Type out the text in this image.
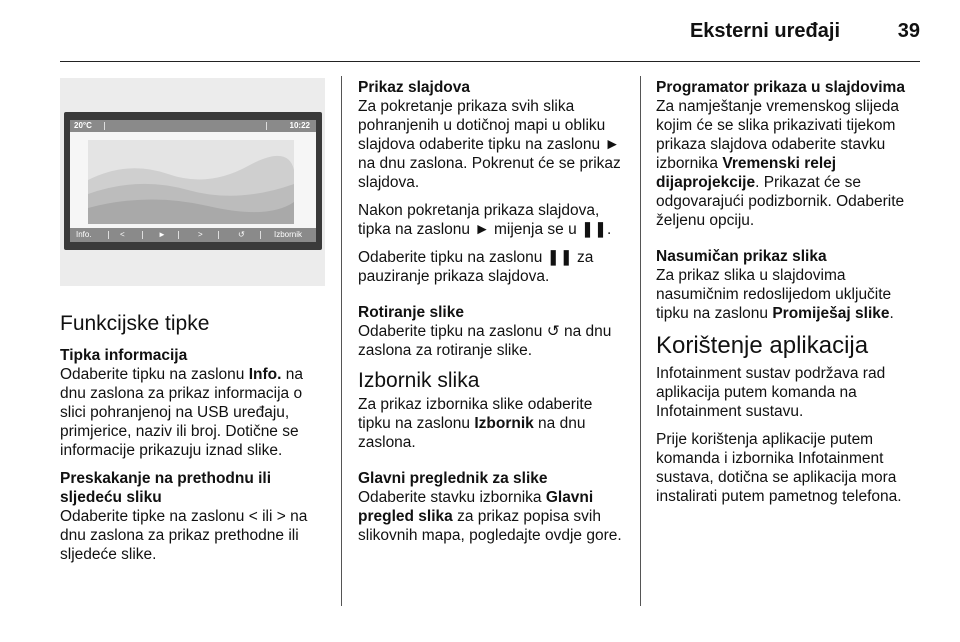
Eksterni uređaji	39
20°C	10:22
Info.	<	►	>	↺	Izbornik
Funkcijske tipke
Tipka informacija

Odaberite tipku na zaslonu Info. na dnu zaslona za prikaz informacija o slici pohranjenoj na USB uređaju, primjerice, naziv ili broj. Dotične se informacije prikazuju iznad slike.

Preskakanje na prethodnu ili sljedeću sliku

Odaberite tipke na zaslonu < ili > na dnu zaslona za prikaz prethodne ili sljedeće slike.

Prikaz slajdova

Za pokretanje prikaza svih slika pohranjenih u dotičnoj mapi u obliku slajdova odaberite tipku na zaslonu ► na dnu zaslona. Pokrenut će se prikaz slajdova.

Nakon pokretanja prikaza slajdova, tipka na zaslonu ► mijenja se u ❚❚.

Odaberite tipku na zaslonu ❚❚ za pauziranje prikaza slajdova.

Rotiranje slike

Odaberite tipku na zaslonu ↺ na dnu zaslona za rotiranje slike.

Izbornik slika

Za prikaz izbornika slike odaberite tipku na zaslonu Izbornik na dnu zaslona.

Glavni preglednik za slike

Odaberite stavku izbornika Glavni pregled slika za prikaz popisa svih slikovnih mapa, pogledajte ovdje gore.

Programator prikaza u slajdovima

Za namještanje vremenskog slijeda kojim će se slika prikazivati tijekom prikaza slajdova odaberite stavku izbornika Vremenski relej dijaprojekcije. Prikazat će se odgovarajući podizbornik. Odaberite željenu opciju.

Nasumičan prikaz slika

Za prikaz slika u slajdovima nasumičnim redoslijedom uključite tipku na zaslonu Promiješaj slike.

Korištenje aplikacija

Infotainment sustav podržava rad aplikacija putem komanda na Infotainment sustavu.

Prije korištenja aplikacije putem komanda i izbornika Infotainment sustava, dotična se aplikacija mora instalirati putem pametnog telefona.
